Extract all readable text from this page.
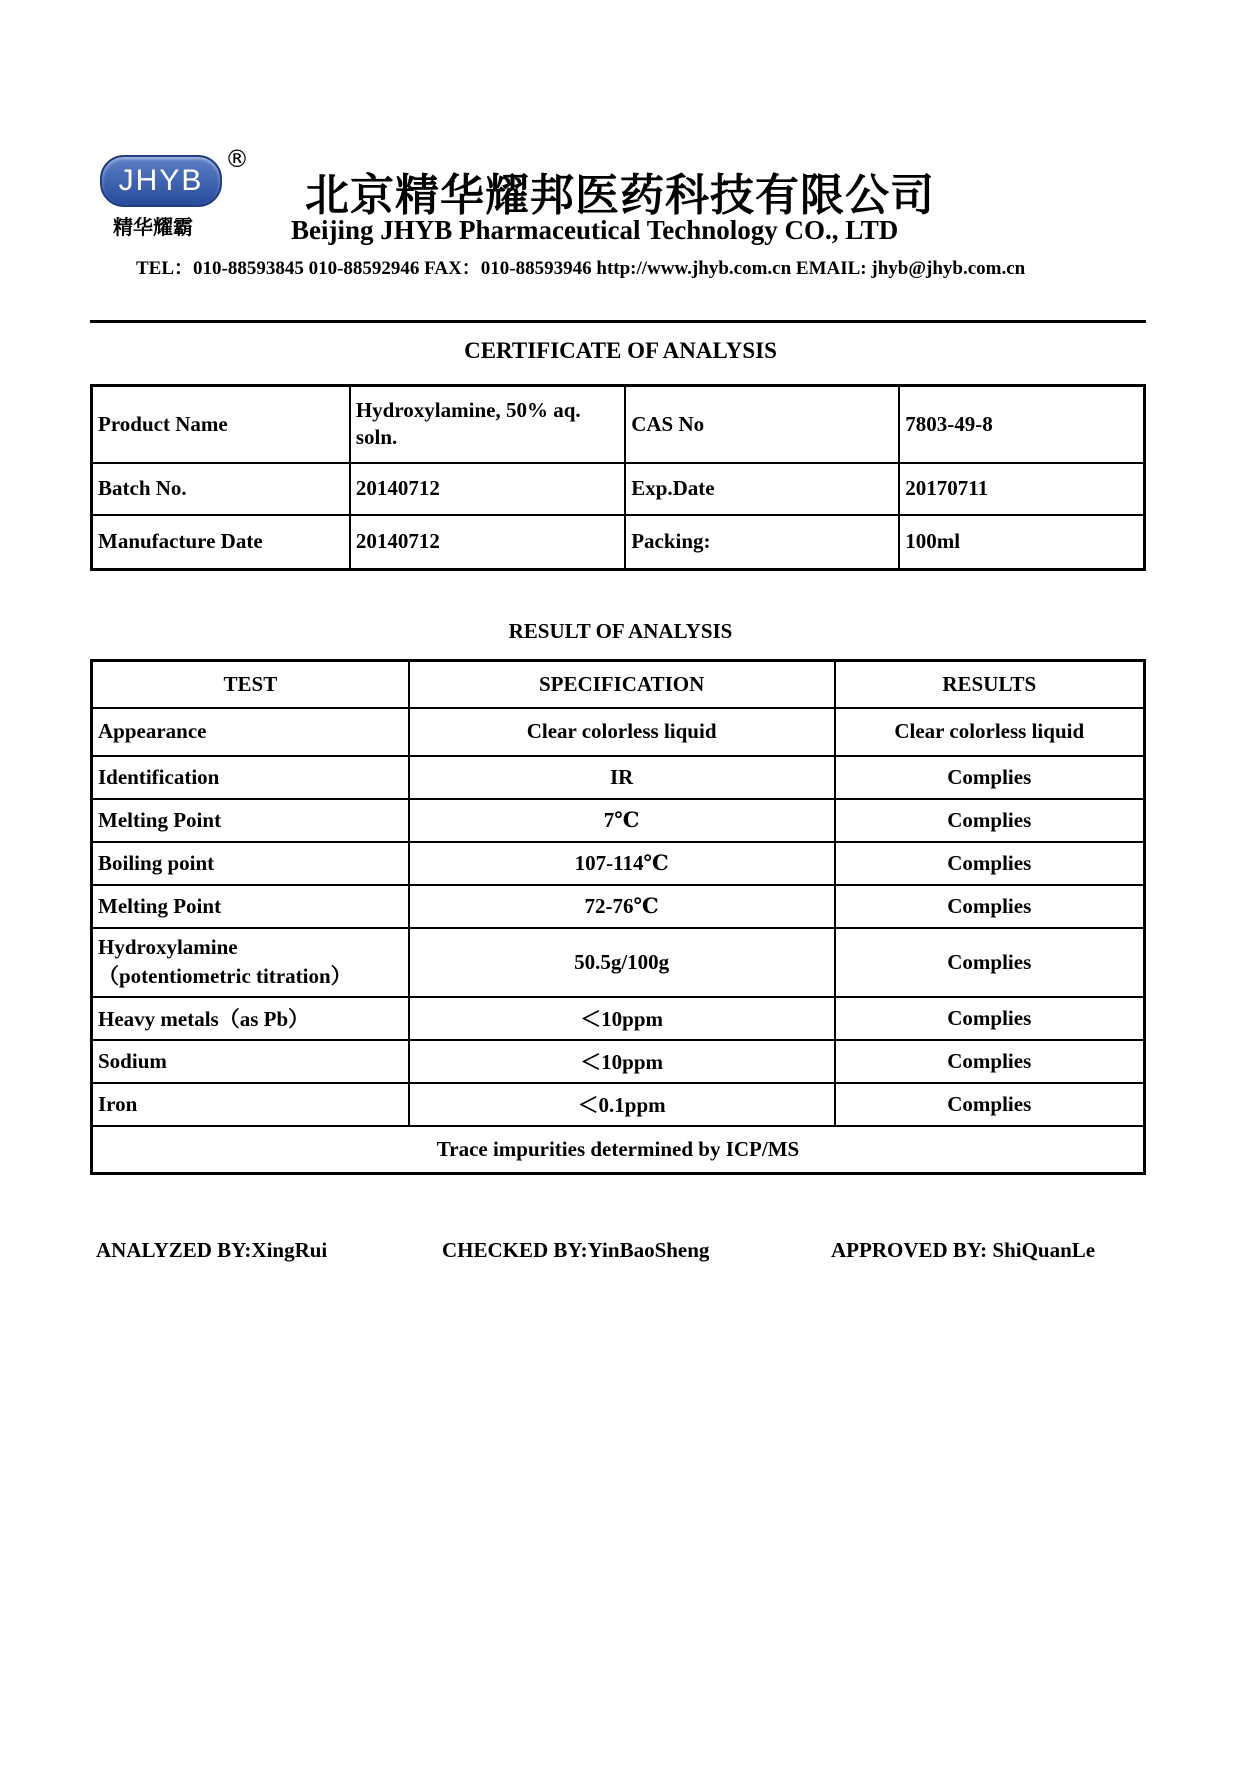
JHYB
®
精华耀霸
北京精华耀邦医药科技有限公司
Beijing JHYB Pharmaceutical Technology CO., LTD
TEL：010-88593845 010-88592946 FAX：010-88593946 http://www.jhyb.com.cn EMAIL: jhyb@jhyb.com.cn
CERTIFICATE OF ANALYSIS
Product Name	Hydroxylamine, 50% aq. soln.	CAS No	7803-49-8
Batch No.	20140712	Exp.Date	20170711
Manufacture Date	20140712	Packing:	100ml
RESULT OF ANALYSIS
TEST	SPECIFICATION	RESULTS
Appearance	Clear colorless liquid	Clear colorless liquid
Identification	IR	Complies
Melting Point	7℃	Complies
Boiling point	107-114℃	Complies
Melting Point	72-76℃	Complies

Hydroxylamine
（potentiometric titration）	50.5g/100g	Complies
Heavy metals（as Pb）	＜10ppm	Complies
Sodium	＜10ppm	Complies
Iron	＜0.1ppm	Complies
Trace impurities determined by ICP/MS		
ANALYZED BY:XingRui	CHECKED BY:YinBaoSheng	APPROVED BY: ShiQuanLe
